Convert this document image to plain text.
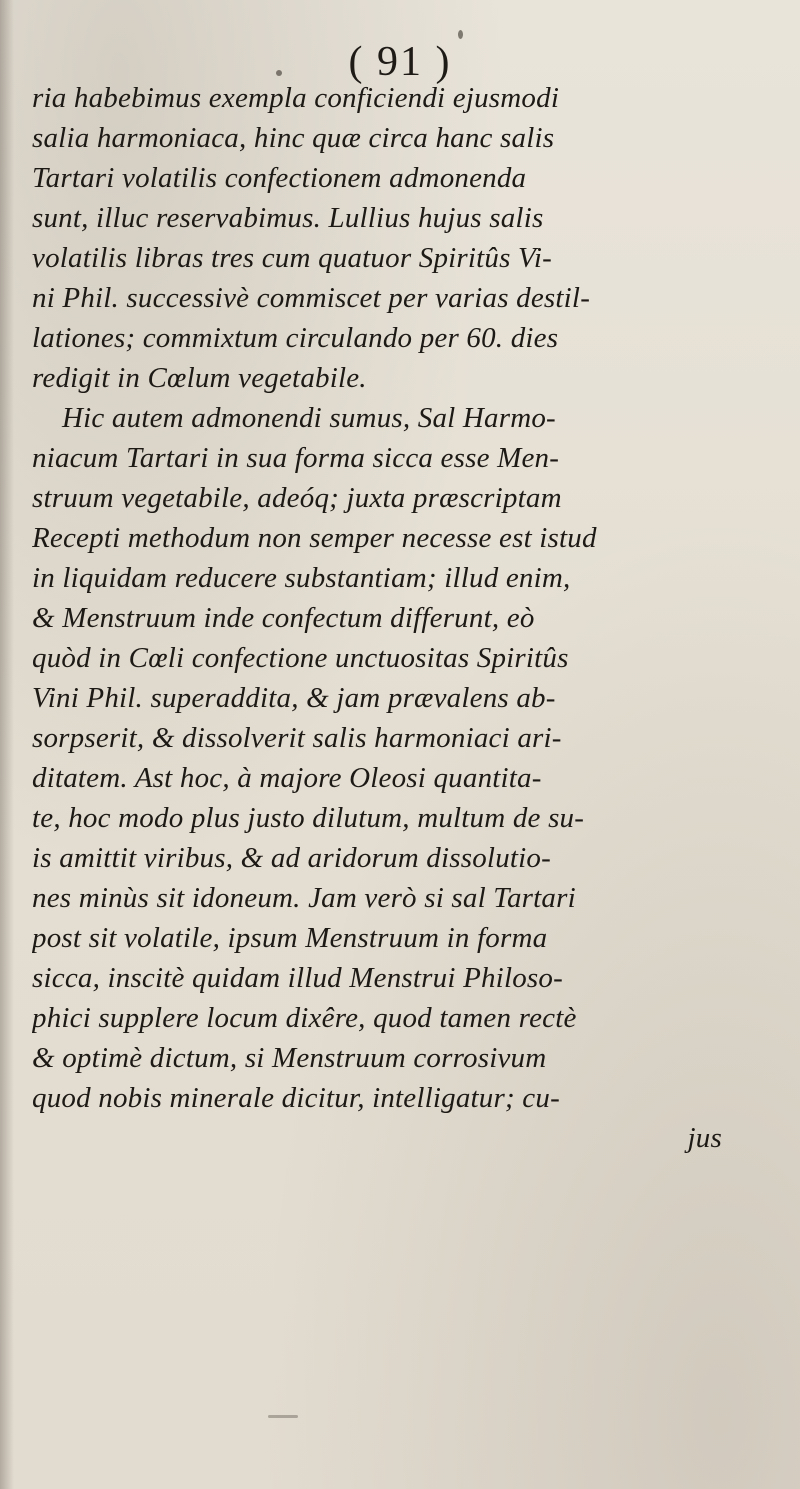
( 91 )
ria habebimus exempla conficiendi ejusmodi
salia harmoniaca, hinc quæ circa hanc salis
Tartari volatilis confectionem admonenda
sunt, illuc reservabimus. Lullius hujus salis
volatilis libras tres cum quatuor Spiritûs Vi-
ni Phil. successivè commiscet per varias destil-
lationes; commixtum circulando per 60. dies
redigit in Cœlum vegetabile.
Hic autem admonendi sumus, Sal Harmo-
niacum Tartari in sua forma sicca esse Men-
struum vegetabile, adeóq; juxta præscriptam
Recepti methodum non semper necesse est istud
in liquidam reducere substantiam; illud enim,
& Menstruum inde confectum differunt, eò
quòd in Cœli confectione unctuositas Spiritûs
Vini Phil. superaddita, & jam prævalens ab-
sorpserit, & dissolverit salis harmoniaci ari-
ditatem. Ast hoc, à majore Oleosi quantita-
te, hoc modo plus justo dilutum, multum de su-
is amittit viribus, & ad aridorum dissolutio-
nes minùs sit idoneum. Jam verò si sal Tartari
post sit volatile, ipsum Menstruum in forma
sicca, inscitè quidam illud Menstrui Philoso-
phici supplere locum dixêre, quod tamen rectè
& optimè dictum, si Menstruum corrosivum
quod nobis minerale dicitur, intelligatur; cu-
jus
